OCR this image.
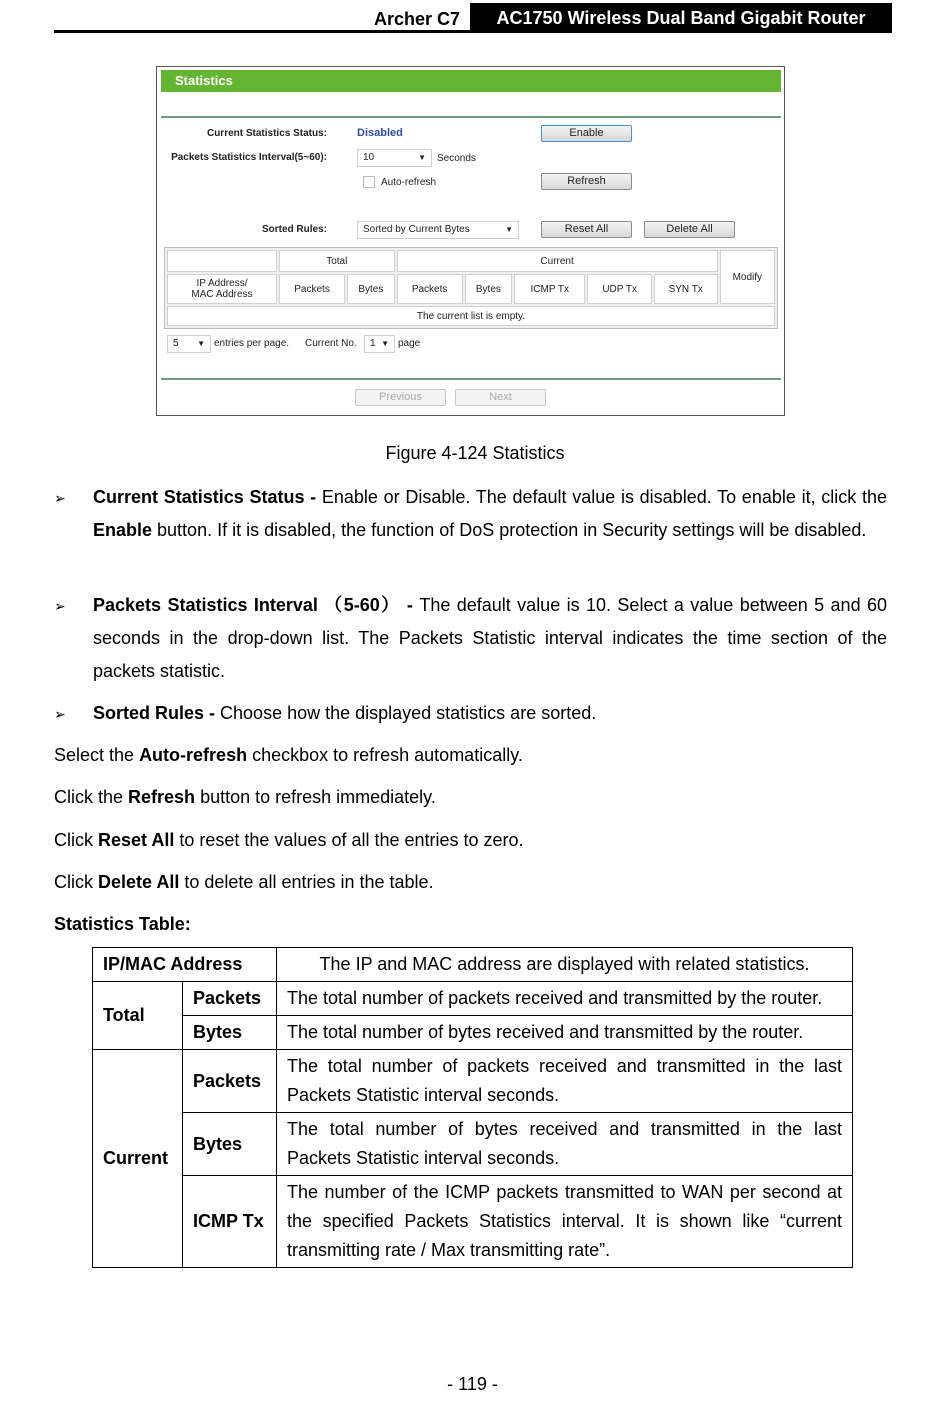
Archer C7	AC1750 Wireless Dual Band Gigabit Router
Statistics
Current Statistics Status:	Disabled	Enable
Packets Statistics Interval(5~60):	10	▼ Seconds
Auto-refresh	Refresh
Sorted Rules:	Sorted by Current Bytes	▼	Reset All	Delete All
	Total		Current					Modify
IP Address/
MAC Address	Packets	Bytes	Packets	Bytes	ICMP Tx	UDP Tx	SYN Tx	
The current list is empty.								
5 ▼ entries per page. Current No.	1 ▼ page
Previous	Next
Figure 4-124 Statistics
➢ Current Statistics Status - Enable or Disable. The default value is disabled. To enable it, click the Enable button. If it is disabled, the function of DoS protection in Security settings will be disabled.
➢ Packets Statistics Interval （5-60） - The default value is 10. Select a value between 5 and 60 seconds in the drop-down list. The Packets Statistic interval indicates the time section of the packets statistic.
➢ Sorted Rules - Choose how the displayed statistics are sorted.
Select the Auto-refresh checkbox to refresh automatically.
Click the Refresh button to refresh immediately.
Click Reset All to reset the values of all the entries to zero.
Click Delete All to delete all entries in the table.
Statistics Table:
IP/MAC Address		The IP and MAC address are displayed with related statistics.
Total	Packets	The total number of packets received and transmitted by the router.
	Bytes	The total number of bytes received and transmitted by the router.
Current	Packets	The total number of packets received and transmitted in the last Packets Statistic interval seconds.
	Bytes	The total number of bytes received and transmitted in the last Packets Statistic interval seconds.
	ICMP Tx	The number of the ICMP packets transmitted to WAN per second at the specified Packets Statistics interval. It is shown like “current transmitting rate / Max transmitting rate”.
- 119 -
